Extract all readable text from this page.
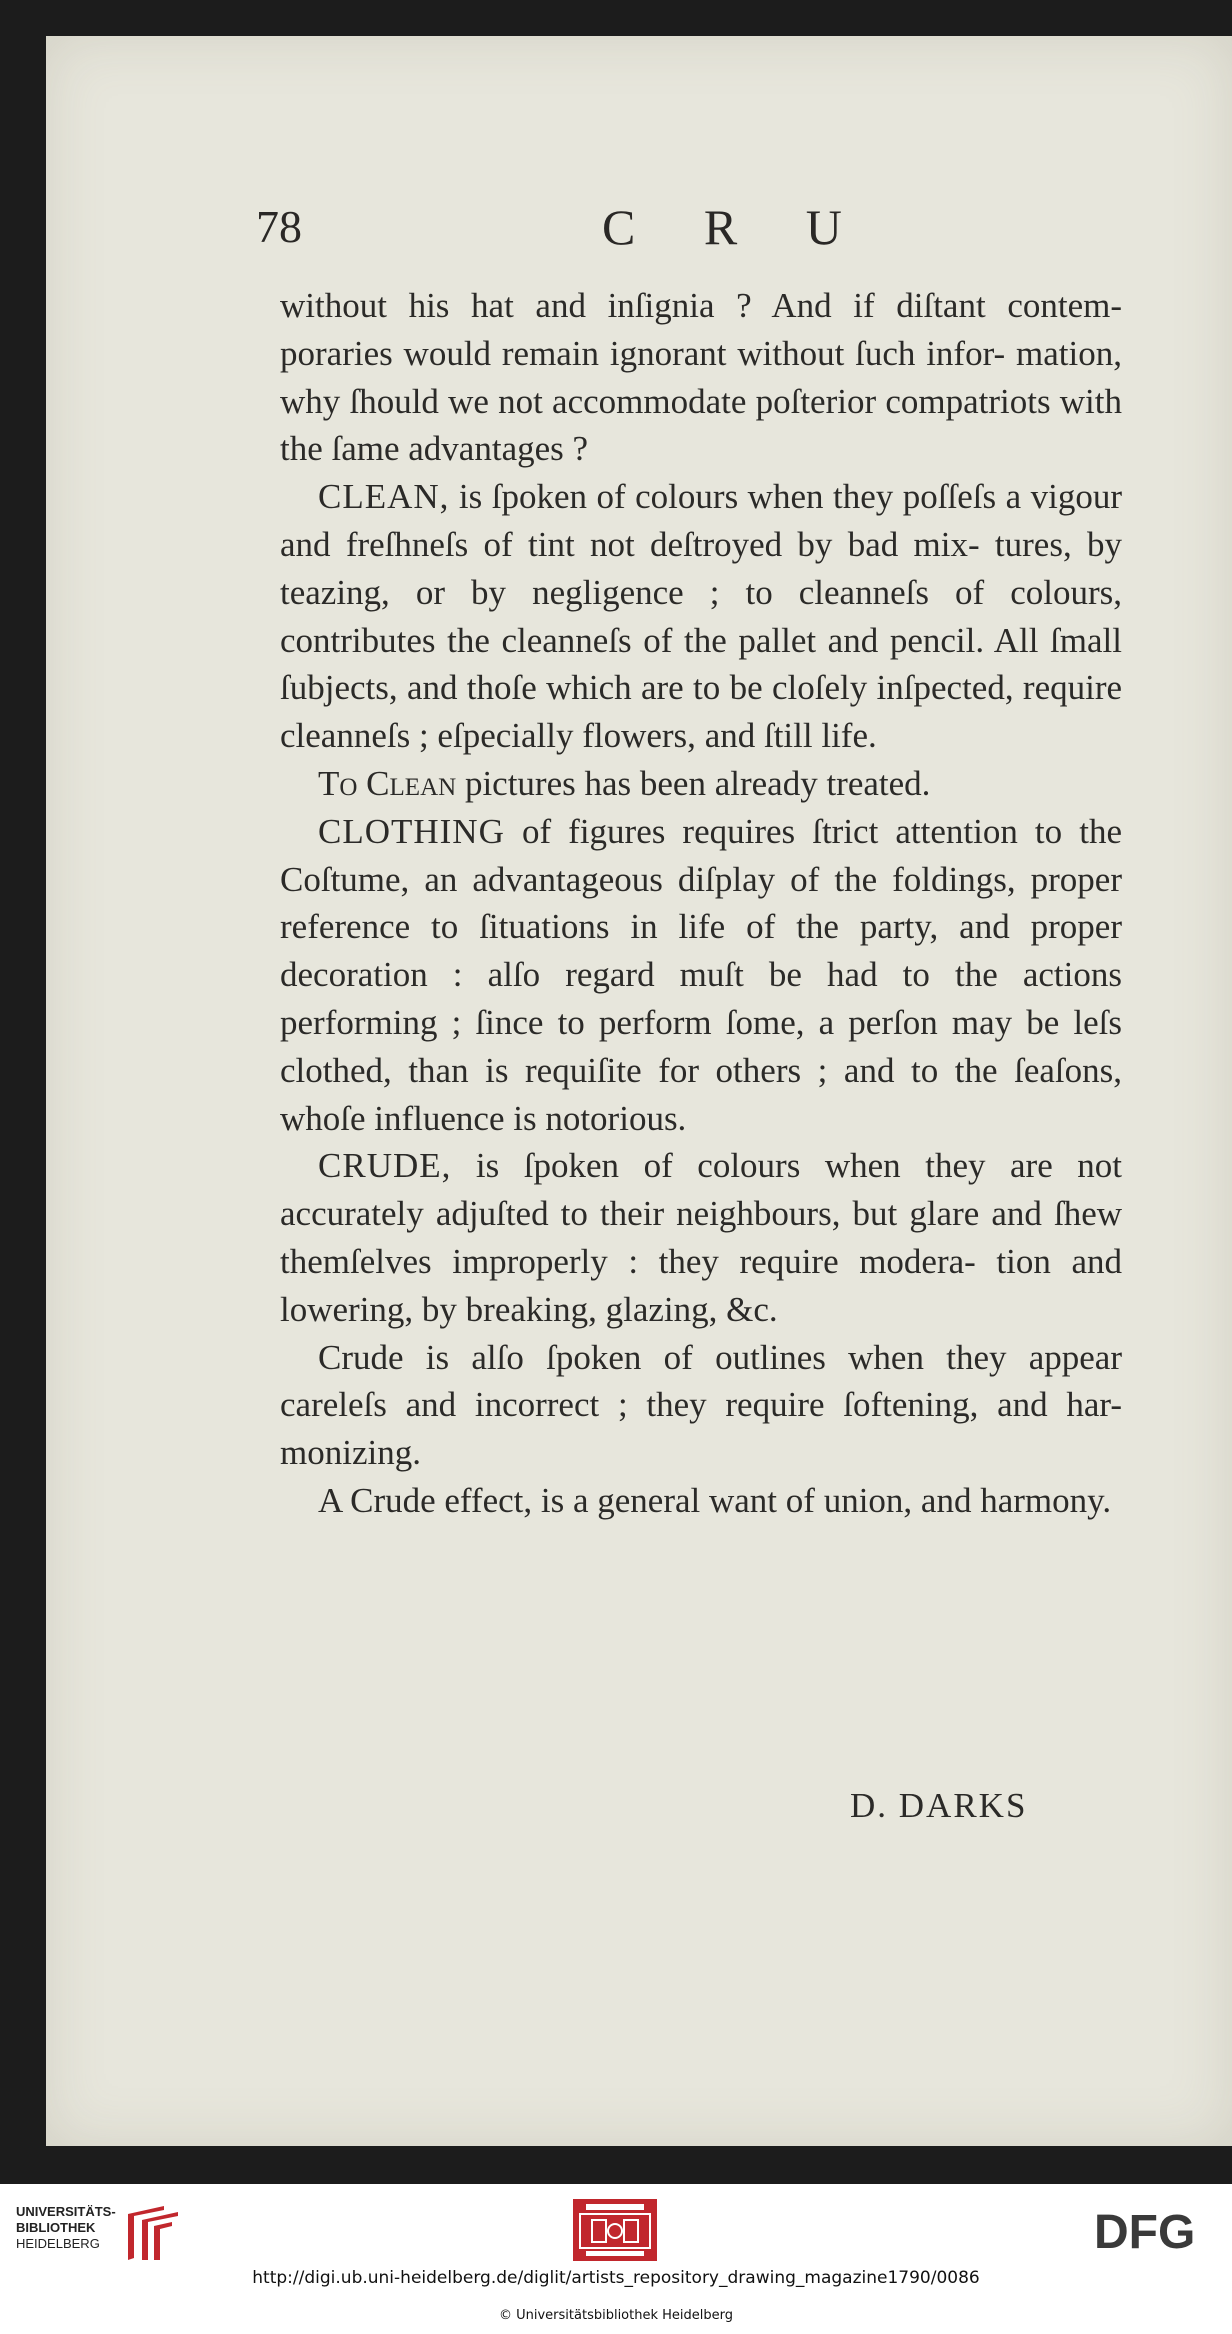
78	C R U

without his hat and inſignia ? And if diſtant contem- poraries would remain ignorant without ſuch infor- mation, why ſhould we not accommodate poſterior compatriots with the ſame advantages ?

CLEAN, is ſpoken of colours when they poſſeſs a vigour and freſhneſs of tint not deſtroyed by bad mix- tures, by teazing, or by negligence ; to cleanneſs of colours, contributes the cleanneſs of the pallet and pencil. All ſmall ſubjects, and thoſe which are to be cloſely inſpected, require cleanneſs ; eſpecially flowers, and ſtill life.

To Clean pictures has been already treated.

CLOTHING of figures requires ſtrict attention to the Coſtume, an advantageous diſplay of the foldings, proper reference to ſituations in life of the party, and proper decoration : alſo regard muſt be had to the actions performing ; ſince to perform ſome, a perſon may be leſs clothed, than is requiſite for others ; and to the ſeaſons, whoſe influence is notorious.

CRUDE, is ſpoken of colours when they are not accurately adjuſted to their neighbours, but glare and ſhew themſelves improperly : they require modera- tion and lowering, by breaking, glazing, &c.

Crude is alſo ſpoken of outlines when they appear careleſs and incorrect ; they require ſoftening, and har- monizing.

A Crude effect, is a general want of union, and harmony.

D. DARKS
UNIVERSITÄTS-
BIBLIOTHEK
HEIDELBERG	DFG
http://digi.ub.uni-heidelberg.de/diglit/artists_repository_drawing_magazine1790/0086
© Universitätsbibliothek Heidelberg
